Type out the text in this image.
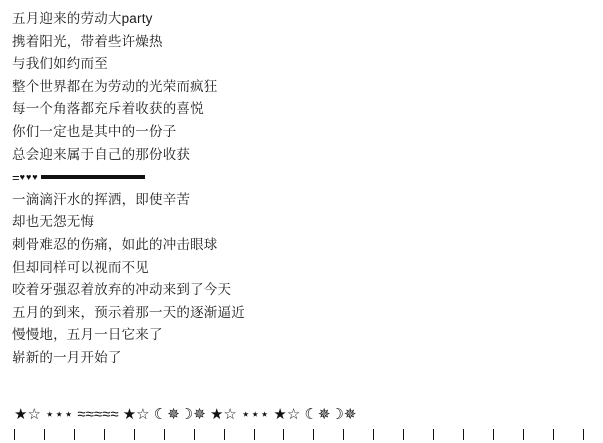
五月迎来的劳动大party
携着阳光，带着些许燥热
与我们如约而至
整个世界都在为劳动的光荣而疯狂
每一个角落都充斥着收获的喜悦
你们一定也是其中的一份子
总会迎来属于自己的那份收获
= ♥♥♥
一滴滴汗水的挥洒，即使辛苦
却也无怨无悔
刺骨难忍的伤痛，如此的冲击眼球
但却同样可以视而不见
咬着牙强忍着放弃的冲动来到了今天
五月的到来，预示着那一天的逐渐逼近
慢慢地，五月一日它来了
崭新的一月开始了
★☆ ⋆⋆⋆ ≈≈≈≈≈ ★☆ ☾✵☽✵ ★☆ ⋆⋆⋆ ★☆ ☾✵☽✵
